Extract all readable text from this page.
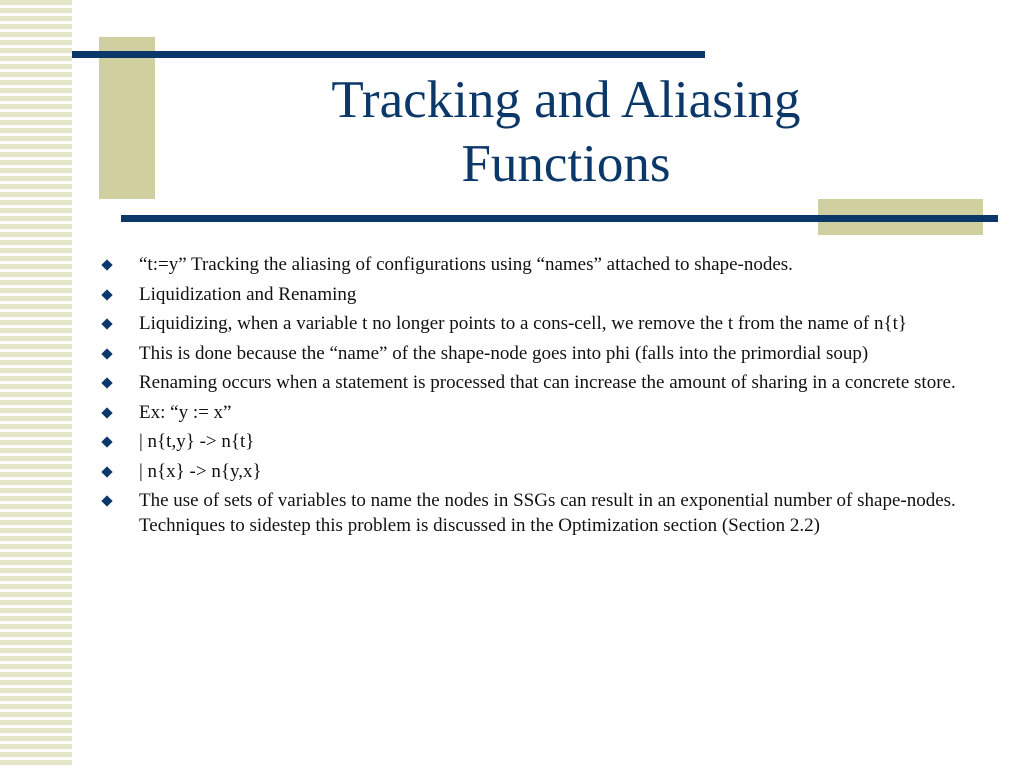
Tracking and Aliasing
Functions
“t:=y” Tracking the aliasing of configurations using “names” attached to shape-nodes.
Liquidization and Renaming
Liquidizing, when a variable t no longer points to a cons-cell, we remove the t from the name of n{t}
This is done because the “name” of the shape-node goes into phi (falls into the primordial soup)
Renaming occurs when a statement is processed that can increase the amount of sharing in a concrete store.
Ex: “y := x”
| n{t,y} -> n{t}
| n{x} -> n{y,x}
The use of sets of variables to name the nodes in SSGs can result in an exponential number of shape-nodes. Techniques to sidestep this problem is discussed in the Optimization section (Section 2.2)
